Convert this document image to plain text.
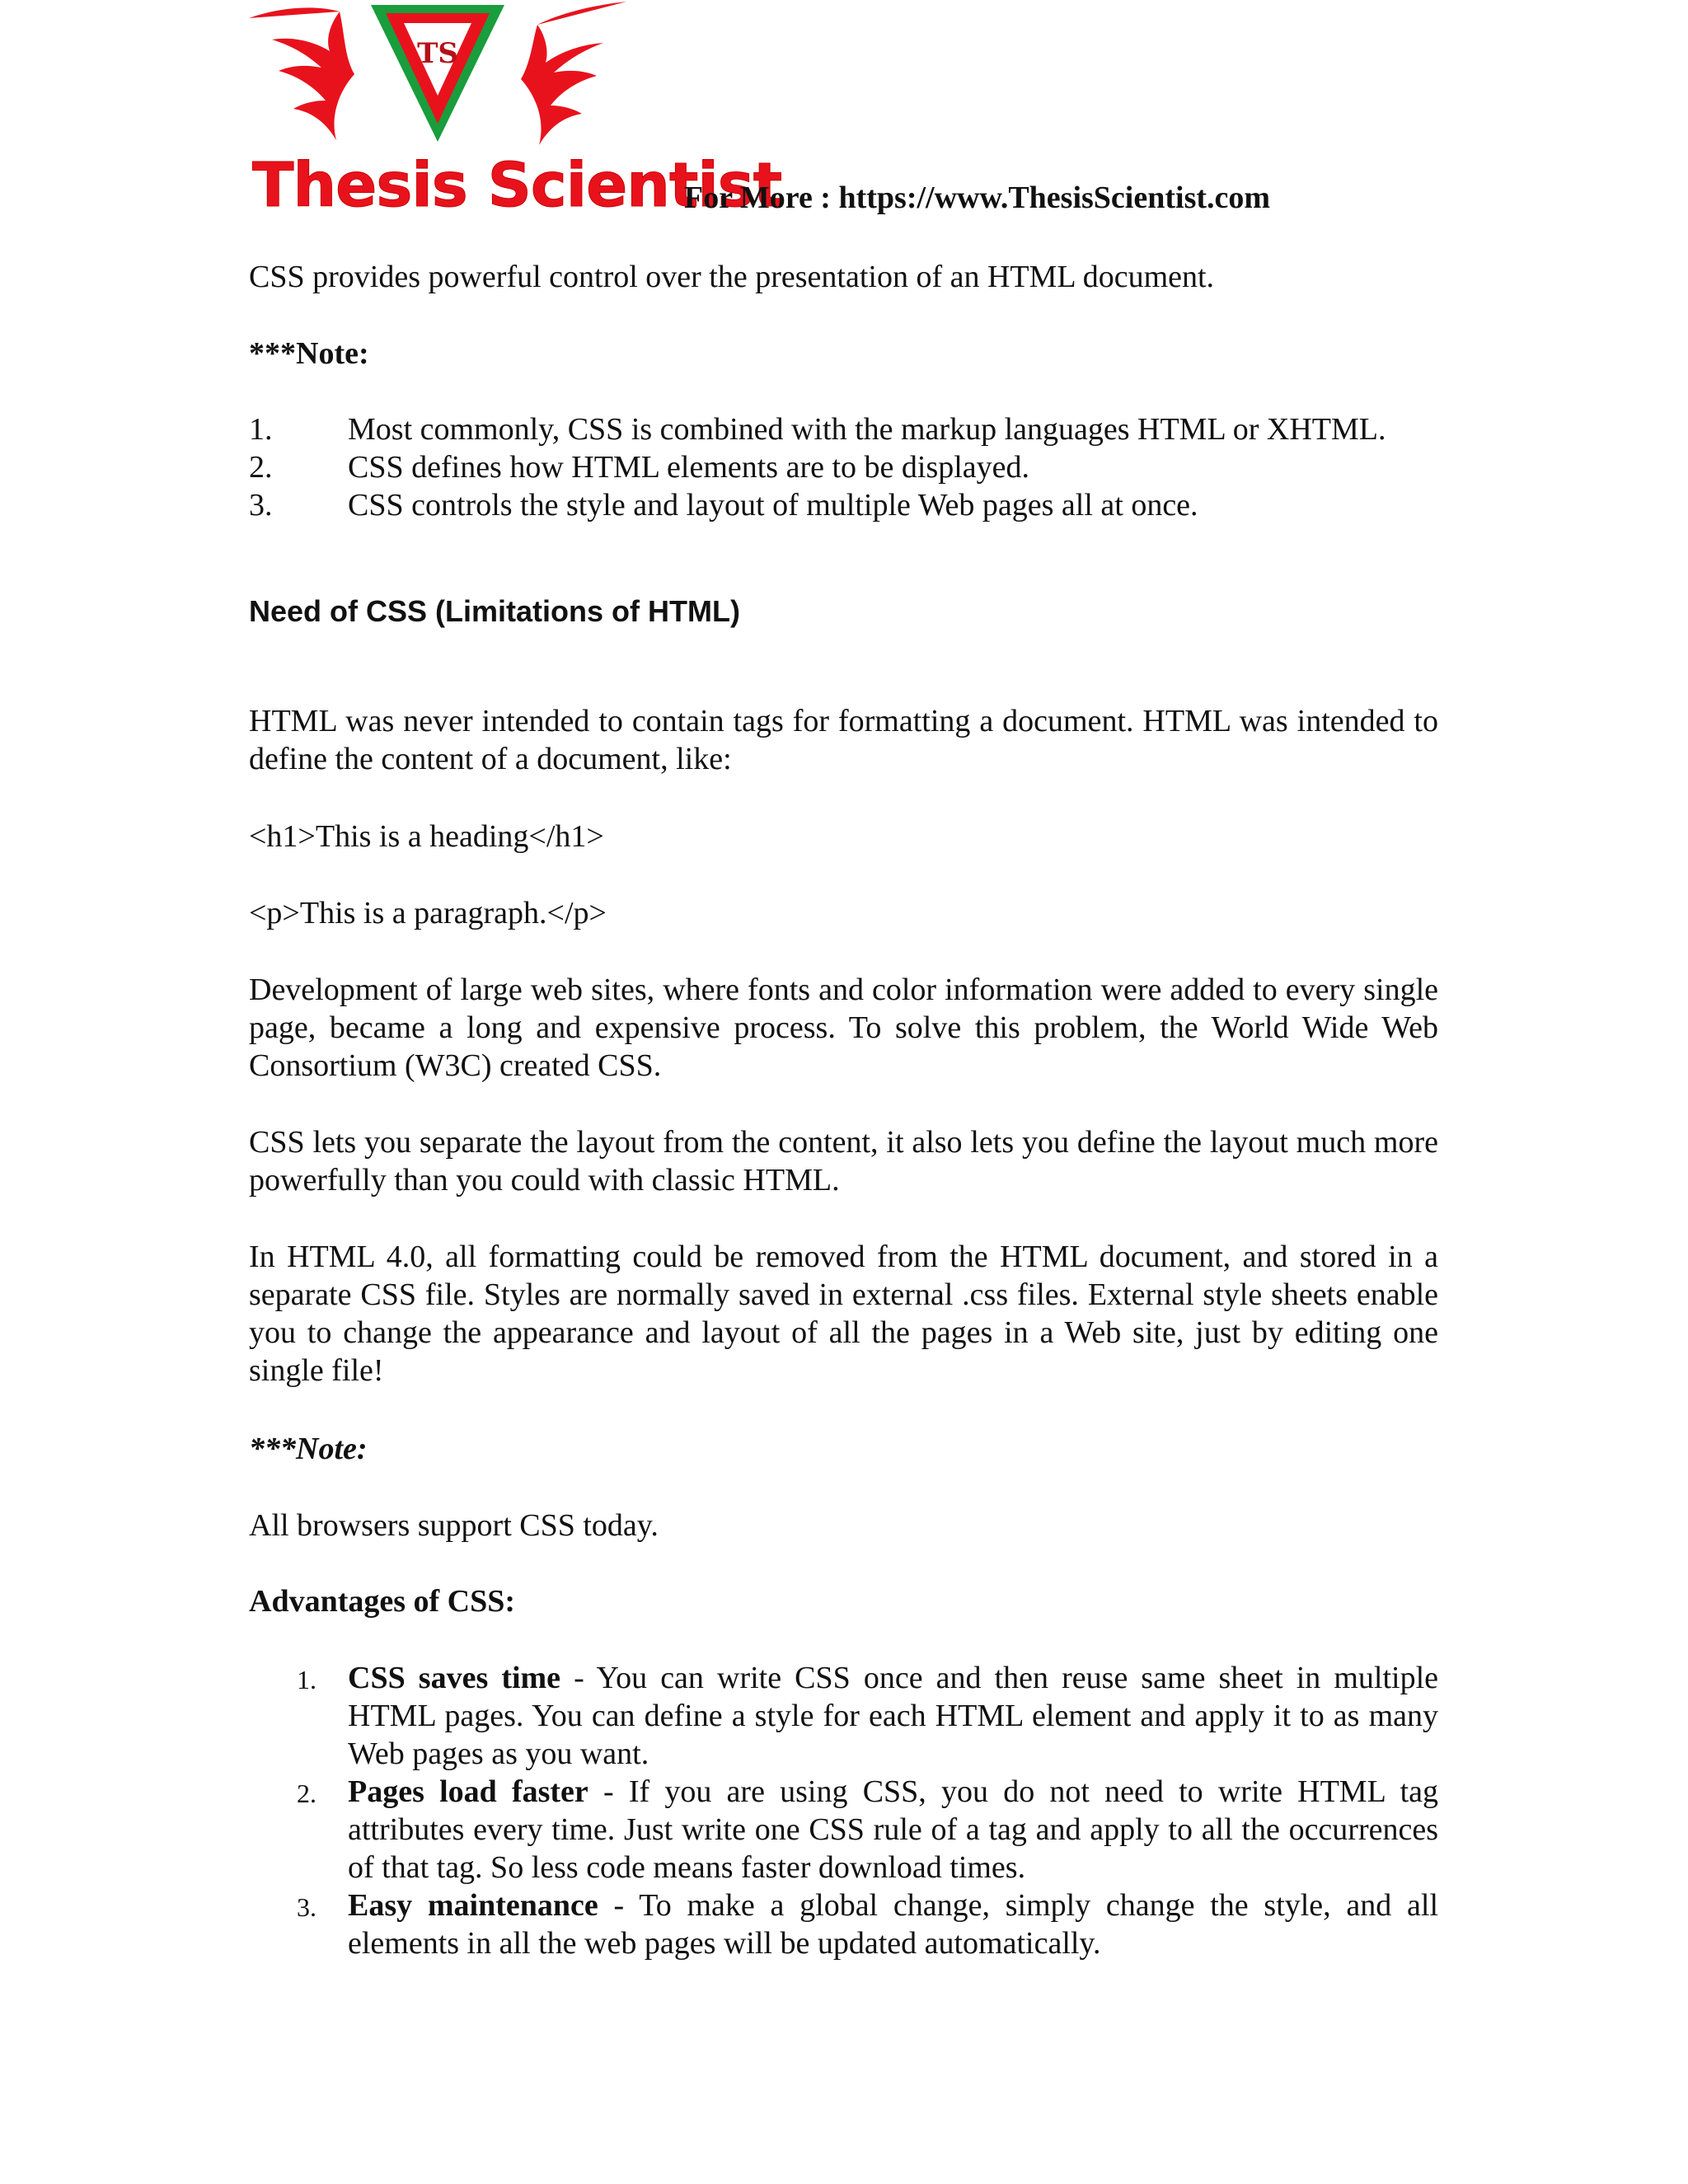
TS
Thesis Scientist
For More : https://www.ThesisScientist.com
CSS provides powerful control over the presentation of an HTML document.
***Note:
1. Most commonly, CSS is combined with the markup languages HTML or XHTML.
2. CSS defines how HTML elements are to be displayed.
3. CSS controls the style and layout of multiple Web pages all at once.
Need of CSS (Limitations of HTML)

HTML was never intended to contain tags for formatting a document. HTML was intended to define the content of a document, like:

<h1>This is a heading</h1>
<p>This is a paragraph.</p>

Development of large web sites, where fonts and color information were added to every single page, became a long and expensive process. To solve this problem, the World Wide Web Consortium (W3C) created CSS.

CSS lets you separate the layout from the content, it also lets you define the layout much more powerfully than you could with classic HTML.

In HTML 4.0, all formatting could be removed from the HTML document, and stored in a separate CSS file. Styles are normally saved in external .css files. External style sheets enable you to change the appearance and layout of all the pages in a Web site, just by editing one single file!

***Note:
All browsers support CSS today.
Advantages of CSS:
1. CSS saves time - You can write CSS once and then reuse same sheet in multiple HTML pages. You can define a style for each HTML element and apply it to as many Web pages as you want.
2. Pages load faster - If you are using CSS, you do not need to write HTML tag attributes every time. Just write one CSS rule of a tag and apply to all the occurrences of that tag. So less code means faster download times.
3. Easy maintenance - To make a global change, simply change the style, and all elements in all the web pages will be updated automatically.
